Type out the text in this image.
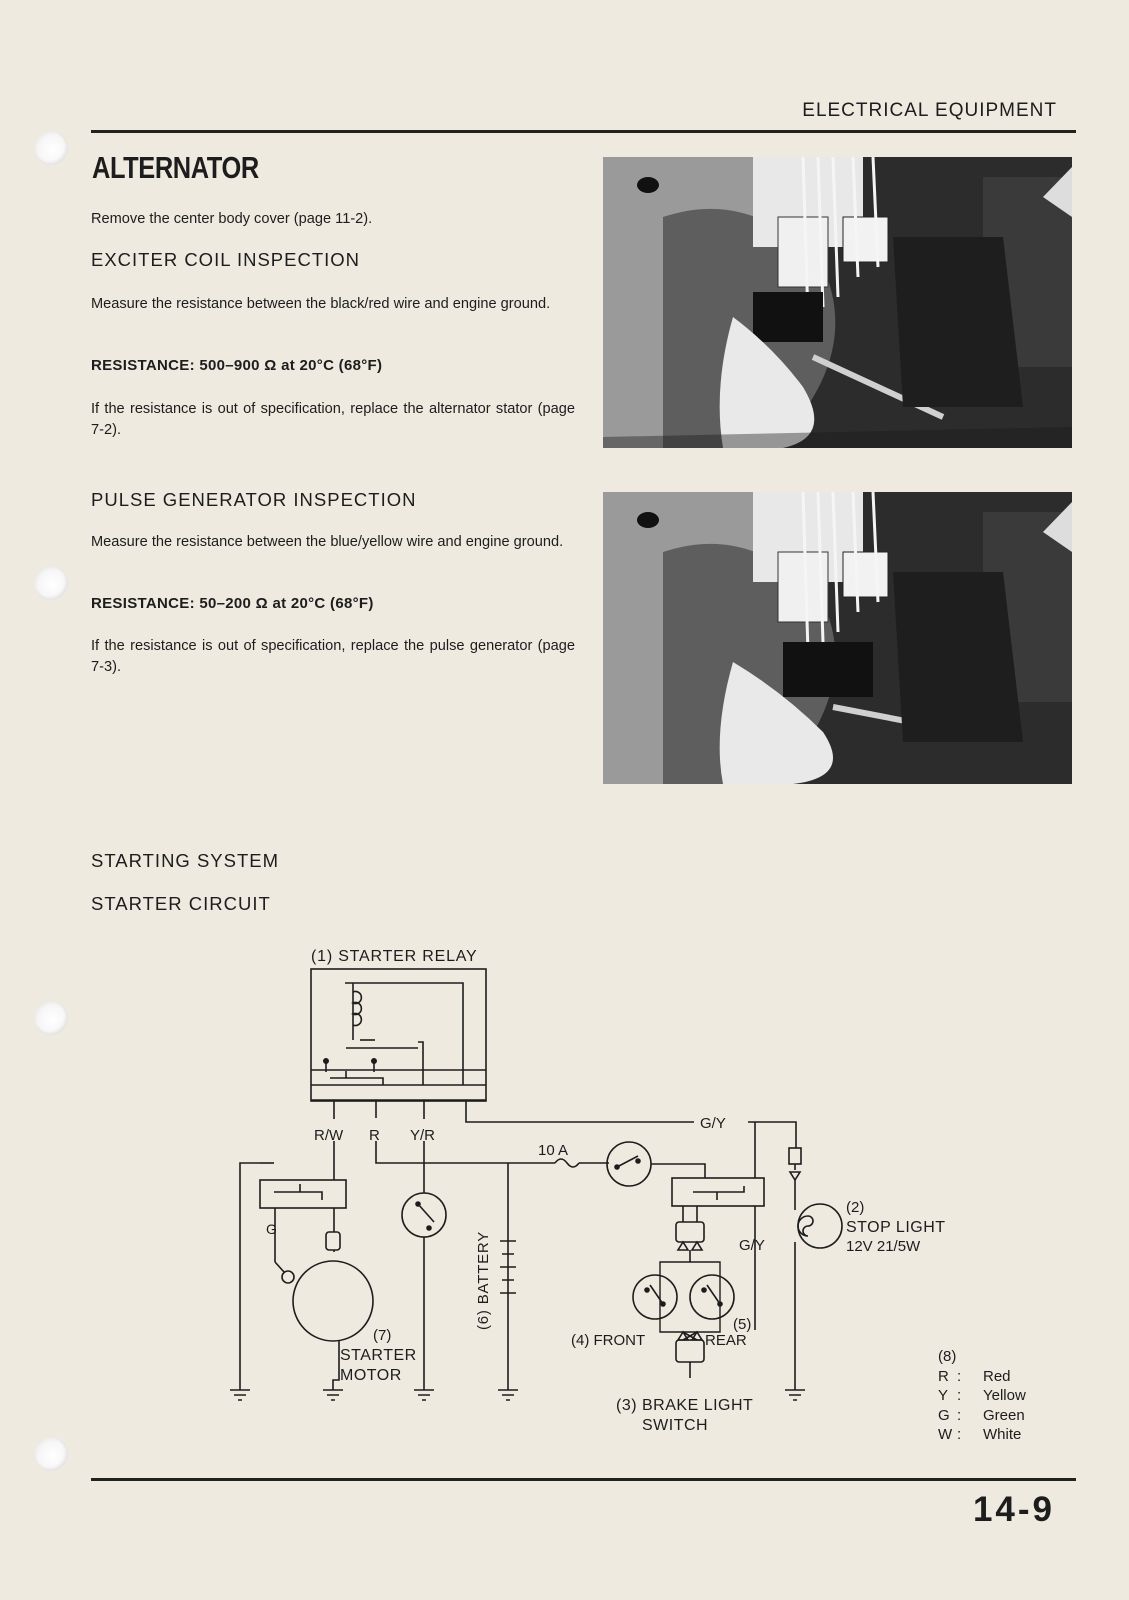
ELECTRICAL EQUIPMENT
ALTERNATOR
Remove the center body cover (page 11-2).
EXCITER COIL INSPECTION
Measure the resistance between the black/red wire and engine ground.
RESISTANCE: 500–900 Ω at 20°C (68°F)
If the resistance is out of specification, replace the alternator stator (page 7-2).
PULSE GENERATOR INSPECTION
Measure the resistance between the blue/yellow wire and engine ground.
RESISTANCE: 50–200 Ω at 20°C (68°F)
If the resistance is out of specification, replace the pulse generator (page 7-3).
STARTING SYSTEM
STARTER CIRCUIT
(1) STARTER RELAY
R/W R Y/R
G/Y
G/Y
G
10 A
(2)
STOP LIGHT
12V 21/5W
(5)
REAR
(4) FRONT
(3) BRAKE LIGHT
SWITCH
(7)
STARTER
MOTOR
(6) BATTERY
(8)
R :	Red
Y :	Yellow
G :	Green
W :	White
14-9
